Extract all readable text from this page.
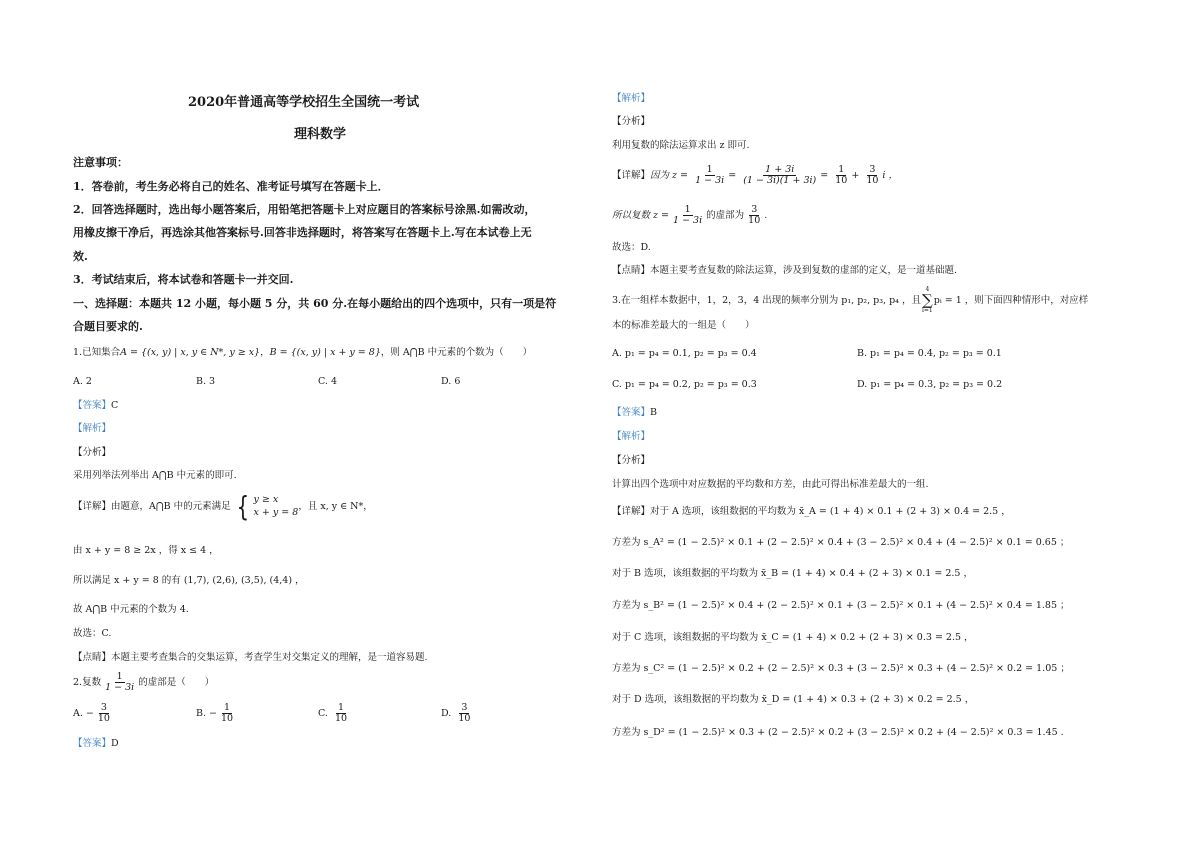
2020年普通高等学校招生全国统一考试
理科数学
注意事项：
1．答卷前，考生务必将自己的姓名、准考证号填写在答题卡上．
2．回答选择题时，选出每小题答案后，用铅笔把答题卡上对应题目的答案标号涂黑.如需改动，
用橡皮擦干净后，再选涂其他答案标号.回答非选择题时，将答案写在答题卡上.写在本试卷上无
效.
3．考试结束后，将本试卷和答题卡一并交回.
一、选择题：本题共 12 小题，每小题 5 分，共 60 分.在每小题给出的四个选项中，只有一项是符
合题目要求的.
1.已知集合A = {(x, y) | x, y ∈ N*, y ≥ x}，B = {(x, y) | x + y = 8}，则 A⋂B 中元素的个数为（　　）
A. 2	B. 3	C. 4	D. 6
【答案】C
【解析】
【分析】
采用列举法列举出 A⋂B 中元素的即可.
【详解】由题意，A⋂B 中的元素满足 { y ≥ x
x + y = 8 ，且 x, y ∈ N*，
由 x + y = 8 ≥ 2x ，得 x ≤ 4 ，
所以满足 x + y = 8 的有 (1,7), (2,6), (3,5), (4,4) ，
故 A⋂B 中元素的个数为 4.
故选：C.
【点睛】本题主要考查集合的交集运算，考查学生对交集定义的理解，是一道容易题.
2.复数 $\frac{1}{1 - 3i}$ 的虚部是（　　）
A. − $\frac{3}{10}$	B. − $\frac{1}{10}$	C. $\frac{1}{10}$	D. $\frac{3}{10}$
【答案】D
【解析】
【分析】
利用复数的除法运算求出 z 即可.
【详解】因为 $z = \frac{1}{1 - 3i} = \frac{1 + 3i}{(1 - 3i)(1 + 3i)} = \frac{1}{10} + \frac{3}{10}$ i ，
所以复数 $z = \frac{1}{1 - 3i}$ 的虚部为 $\frac{3}{10}$ .
故选：D.
【点睛】本题主要考查复数的除法运算，涉及到复数的虚部的定义，是一道基础题.
3.在一组样本数据中，1，2，3，4 出现的频率分别为 p₁, p₂, p₃, p₄ ，且
4
∑
i=1
pᵢ = 1 ，则下面四种情形中，对应样
本的标准差最大的一组是（　　）
A. p₁ = p₄ = 0.1, p₂ = p₃ = 0.4	B. p₁ = p₄ = 0.4, p₂ = p₃ = 0.1
C. p₁ = p₄ = 0.2, p₂ = p₃ = 0.3	D. p₁ = p₄ = 0.3, p₂ = p₃ = 0.2
【答案】B
【解析】
【分析】
计算出四个选项中对应数据的平均数和方差，由此可得出标准差最大的一组.
【详解】对于 A 选项，该组数据的平均数为 x̄_A = (1 + 4) × 0.1 + (2 + 3) × 0.4 = 2.5 ，
方差为 s_A² = (1 − 2.5)² × 0.1 + (2 − 2.5)² × 0.4 + (3 − 2.5)² × 0.4 + (4 − 2.5)² × 0.1 = 0.65 ；
对于 B 选项，该组数据的平均数为 x̄_B = (1 + 4) × 0.4 + (2 + 3) × 0.1 = 2.5 ，
方差为 s_B² = (1 − 2.5)² × 0.4 + (2 − 2.5)² × 0.1 + (3 − 2.5)² × 0.1 + (4 − 2.5)² × 0.4 = 1.85 ；
对于 C 选项，该组数据的平均数为 x̄_C = (1 + 4) × 0.2 + (2 + 3) × 0.3 = 2.5 ，
方差为 s_C² = (1 − 2.5)² × 0.2 + (2 − 2.5)² × 0.3 + (3 − 2.5)² × 0.3 + (4 − 2.5)² × 0.2 = 1.05 ；
对于 D 选项，该组数据的平均数为 x̄_D = (1 + 4) × 0.3 + (2 + 3) × 0.2 = 2.5 ，
方差为 s_D² = (1 − 2.5)² × 0.3 + (2 − 2.5)² × 0.2 + (3 − 2.5)² × 0.2 + (4 − 2.5)² × 0.3 = 1.45 .
